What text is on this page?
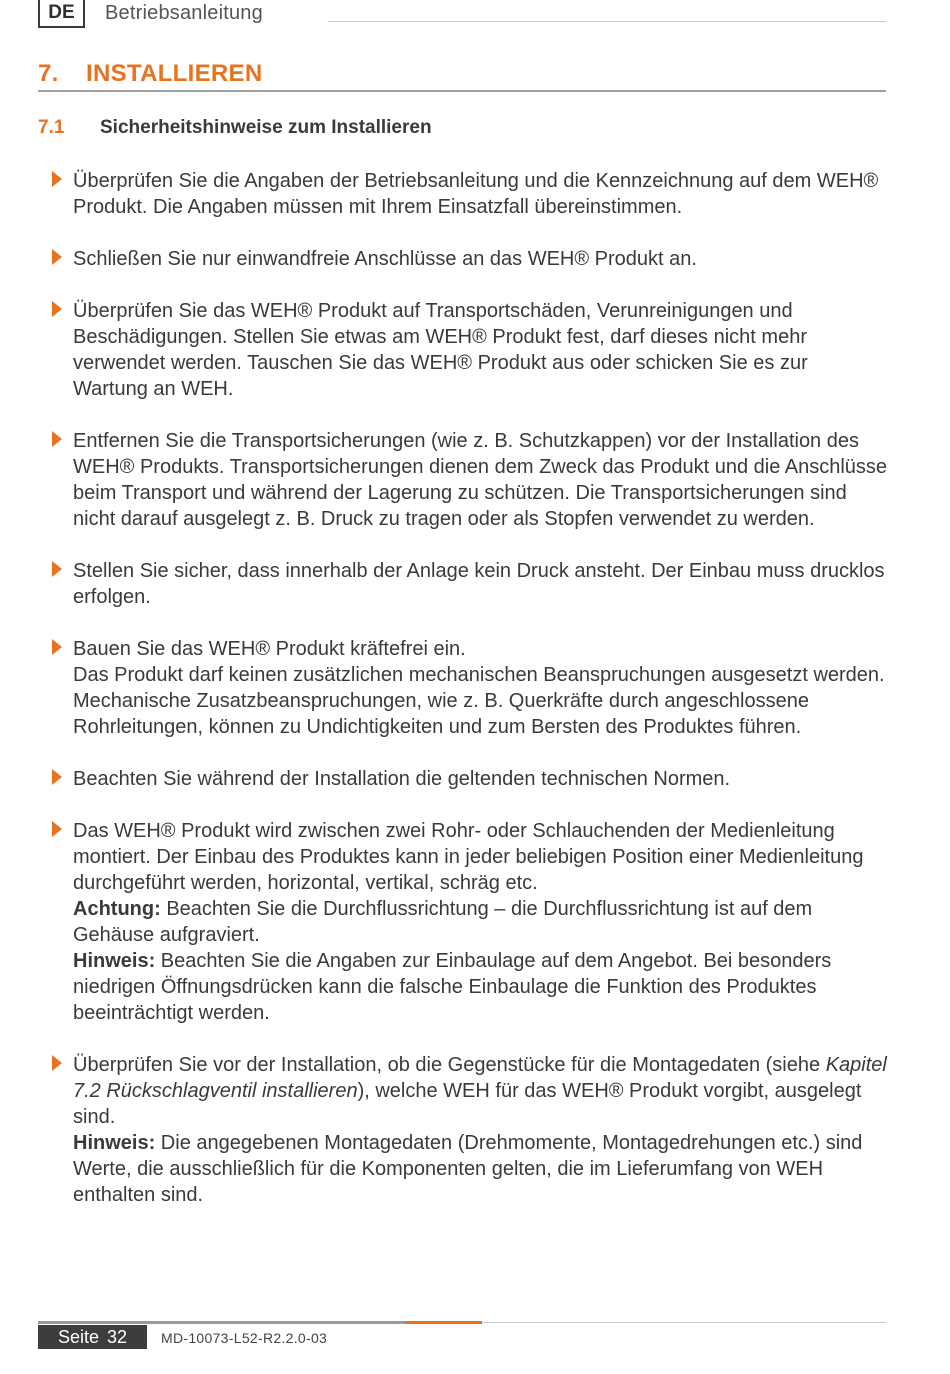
DE	Betriebsanleitung
7. INSTALLIEREN
7.1 Sicherheitshinweise zum Installieren

Überprüfen Sie die Angaben der Betriebsanleitung und die Kennzeichnung auf dem WEH® Produkt. Die Angaben müssen mit Ihrem Einsatzfall übereinstimmen.

Schließen Sie nur einwandfreie Anschlüsse an das WEH® Produkt an.

Überprüfen Sie das WEH® Produkt auf Transportschäden, Verunreinigungen und Beschädigungen. Stellen Sie etwas am WEH® Produkt fest, darf dieses nicht mehr verwendet werden. Tauschen Sie das WEH® Produkt aus oder schicken Sie es zur Wartung an WEH.

Entfernen Sie die Transportsicherungen (wie z. B. Schutzkappen) vor der Installation des WEH® Produkts. Transportsicherungen dienen dem Zweck das Produkt und die Anschlüsse beim Transport und während der Lagerung zu schützen. Die Transportsicherungen sind nicht darauf ausgelegt z. B. Druck zu tragen oder als Stopfen verwendet zu werden.

Stellen Sie sicher, dass innerhalb der Anlage kein Druck ansteht. Der Einbau muss drucklos erfolgen.

Bauen Sie das WEH® Produkt kräftefrei ein.

Das Produkt darf keinen zusätzlichen mechanischen Beanspruchungen ausgesetzt werden. Mechanische Zusatzbeanspruchungen, wie z. B. Querkräfte durch angeschlossene Rohrleitungen, können zu Undichtigkeiten und zum Bersten des Produktes führen.

Beachten Sie während der Installation die geltenden technischen Normen.

Das WEH® Produkt wird zwischen zwei Rohr- oder Schlauchenden der Medienleitung montiert. Der Einbau des Produktes kann in jeder beliebigen Position einer Medienleitung durchgeführt werden, horizontal, vertikal, schräg etc.

Achtung: Beachten Sie die Durchflussrichtung – die Durchflussrichtung ist auf dem Gehäuse aufgraviert.

Hinweis: Beachten Sie die Angaben zur Einbaulage auf dem Angebot. Bei besonders niedrigen Öffnungsdrücken kann die falsche Einbaulage die Funktion des Produktes beeinträchtigt werden.

Überprüfen Sie vor der Installation, ob die Gegenstücke für die Montagedaten (siehe Kapitel 7.2 Rückschlagventil installieren), welche WEH für das WEH® Produkt vorgibt, ausgelegt sind.

Hinweis: Die angegebenen Montagedaten (Drehmomente, Montagedrehungen etc.) sind Werte, die ausschließlich für die Komponenten gelten, die im Lieferumfang von WEH enthalten sind.

Seite 32 MD-10073-L52-R2.2.0-03
